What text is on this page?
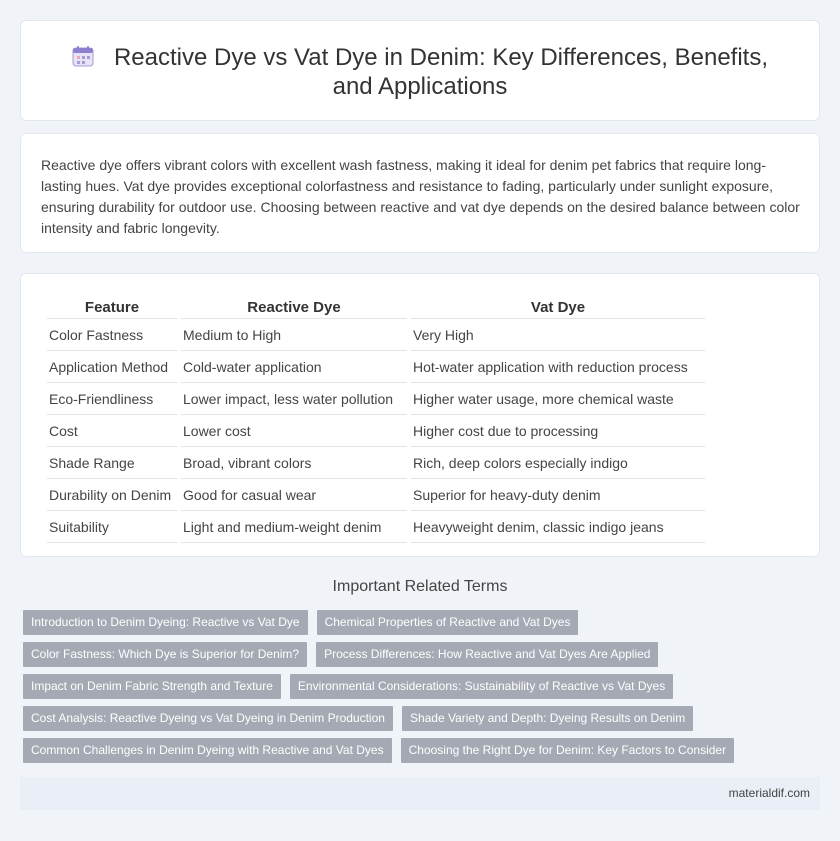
Reactive Dye vs Vat Dye in Denim: Key Differences, Benefits, and Applications
Reactive dye offers vibrant colors with excellent wash fastness, making it ideal for denim pet fabrics that require long-lasting hues. Vat dye provides exceptional colorfastness and resistance to fading, particularly under sunlight exposure, ensuring durability for outdoor use. Choosing between reactive and vat dye depends on the desired balance between color intensity and fabric longevity.
Feature	Reactive Dye	Vat Dye
Color Fastness	Medium to High	Very High
Application Method	Cold-water application	Hot-water application with reduction process
Eco-Friendliness	Lower impact, less water pollution	Higher water usage, more chemical waste
Cost	Lower cost	Higher cost due to processing
Shade Range	Broad, vibrant colors	Rich, deep colors especially indigo
Durability on Denim	Good for casual wear	Superior for heavy-duty denim
Suitability	Light and medium-weight denim	Heavyweight denim, classic indigo jeans
Important Related Terms
Introduction to Denim Dyeing: Reactive vs Vat Dye	Chemical Properties of Reactive and Vat Dyes
Color Fastness: Which Dye is Superior for Denim?	Process Differences: How Reactive and Vat Dyes Are Applied
Impact on Denim Fabric Strength and Texture	Environmental Considerations: Sustainability of Reactive vs Vat Dyes
Cost Analysis: Reactive Dyeing vs Vat Dyeing in Denim Production	Shade Variety and Depth: Dyeing Results on Denim
Common Challenges in Denim Dyeing with Reactive and Vat Dyes	Choosing the Right Dye for Denim: Key Factors to Consider
materialdif.com
